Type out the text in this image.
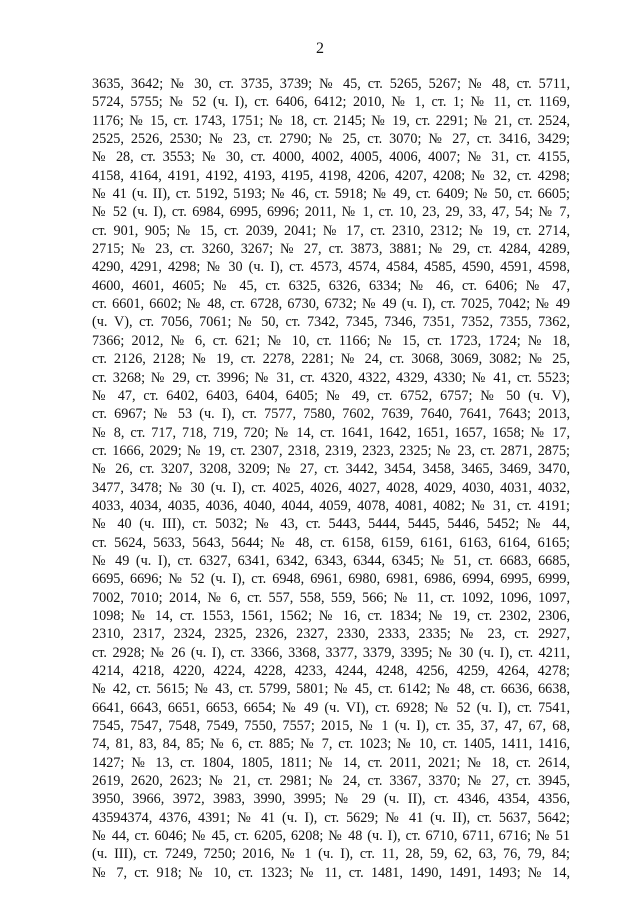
2
3635, 3642; № 30, ст. 3735, 3739; № 45, ст. 5265, 5267; № 48, ст. 5711,
5724, 5755; № 52 (ч. I), ст. 6406, 6412; 2010, № 1, ст. 1; № 11, ст. 1169,
1176; № 15, ст. 1743, 1751; № 18, ст. 2145; № 19, ст. 2291; № 21, ст. 2524,
2525, 2526, 2530; № 23, ст. 2790; № 25, ст. 3070; № 27, ст. 3416, 3429;
№ 28, ст. 3553; № 30, ст. 4000, 4002, 4005, 4006, 4007; № 31, ст. 4155,
4158, 4164, 4191, 4192, 4193, 4195, 4198, 4206, 4207, 4208; № 32, ст. 4298;
№ 41 (ч. II), ст. 5192, 5193; № 46, ст. 5918; № 49, ст. 6409; № 50, ст. 6605;
№ 52 (ч. I), ст. 6984, 6995, 6996; 2011, № 1, ст. 10, 23, 29, 33, 47, 54; № 7,
ст. 901, 905; № 15, ст. 2039, 2041; № 17, ст. 2310, 2312; № 19, ст. 2714,
2715; № 23, ст. 3260, 3267; № 27, ст. 3873, 3881; № 29, ст. 4284, 4289,
4290, 4291, 4298; № 30 (ч. I), ст. 4573, 4574, 4584, 4585, 4590, 4591, 4598,
4600, 4601, 4605; № 45, ст. 6325, 6326, 6334; № 46, ст. 6406; № 47,
ст. 6601, 6602; № 48, ст. 6728, 6730, 6732; № 49 (ч. I), ст. 7025, 7042; № 49
(ч. V), ст. 7056, 7061; № 50, ст. 7342, 7345, 7346, 7351, 7352, 7355, 7362,
7366; 2012, № 6, ст. 621; № 10, ст. 1166; № 15, ст. 1723, 1724; № 18,
ст. 2126, 2128; № 19, ст. 2278, 2281; № 24, ст. 3068, 3069, 3082; № 25,
ст. 3268; № 29, ст. 3996; № 31, ст. 4320, 4322, 4329, 4330; № 41, ст. 5523;
№ 47, ст. 6402, 6403, 6404, 6405; № 49, ст. 6752, 6757; № 50 (ч. V),
ст. 6967; № 53 (ч. I), ст. 7577, 7580, 7602, 7639, 7640, 7641, 7643; 2013,
№ 8, ст. 717, 718, 719, 720; № 14, ст. 1641, 1642, 1651, 1657, 1658; № 17,
ст. 1666, 2029; № 19, ст. 2307, 2318, 2319, 2323, 2325; № 23, ст. 2871, 2875;
№ 26, ст. 3207, 3208, 3209; № 27, ст. 3442, 3454, 3458, 3465, 3469, 3470,
3477, 3478; № 30 (ч. I), ст. 4025, 4026, 4027, 4028, 4029, 4030, 4031, 4032,
4033, 4034, 4035, 4036, 4040, 4044, 4059, 4078, 4081, 4082; № 31, ст. 4191;
№ 40 (ч. III), ст. 5032; № 43, ст. 5443, 5444, 5445, 5446, 5452; № 44,
ст. 5624, 5633, 5643, 5644; № 48, ст. 6158, 6159, 6161, 6163, 6164, 6165;
№ 49 (ч. I), ст. 6327, 6341, 6342, 6343, 6344, 6345; № 51, ст. 6683, 6685,
6695, 6696; № 52 (ч. I), ст. 6948, 6961, 6980, 6981, 6986, 6994, 6995, 6999,
7002, 7010; 2014, № 6, ст. 557, 558, 559, 566; № 11, ст. 1092, 1096, 1097,
1098; № 14, ст. 1553, 1561, 1562; № 16, ст. 1834; № 19, ст. 2302, 2306,
2310, 2317, 2324, 2325, 2326, 2327, 2330, 2333, 2335; № 23, ст. 2927,
ст. 2928; № 26 (ч. I), ст. 3366, 3368, 3377, 3379, 3395; № 30 (ч. I), ст. 4211,
4214, 4218, 4220, 4224, 4228, 4233, 4244, 4248, 4256, 4259, 4264, 4278;
№ 42, ст. 5615; № 43, ст. 5799, 5801; № 45, ст. 6142; № 48, ст. 6636, 6638,
6641, 6643, 6651, 6653, 6654; № 49 (ч. VI), ст. 6928; № 52 (ч. I), ст. 7541,
7545, 7547, 7548, 7549, 7550, 7557; 2015, № 1 (ч. I), ст. 35, 37, 47, 67, 68,
74, 81, 83, 84, 85; № 6, ст. 885; № 7, ст. 1023; № 10, ст. 1405, 1411, 1416,
1427; № 13, ст. 1804, 1805, 1811; № 14, ст. 2011, 2021; № 18, ст. 2614,
2619, 2620, 2623; № 21, ст. 2981; № 24, ст. 3367, 3370; № 27, ст. 3945,
3950, 3966, 3972, 3983, 3990, 3995; № 29 (ч. II), ст. 4346, 4354, 4356,
43594374, 4376, 4391; № 41 (ч. I), ст. 5629; № 41 (ч. II), ст. 5637, 5642;
№ 44, ст. 6046; № 45, ст. 6205, 6208; № 48 (ч. I), ст. 6710, 6711, 6716; № 51
(ч. III), ст. 7249, 7250; 2016, № 1 (ч. I), ст. 11, 28, 59, 62, 63, 76, 79, 84;
№ 7, ст. 918; № 10, ст. 1323; № 11, ст. 1481, 1490, 1491, 1493; № 14,
